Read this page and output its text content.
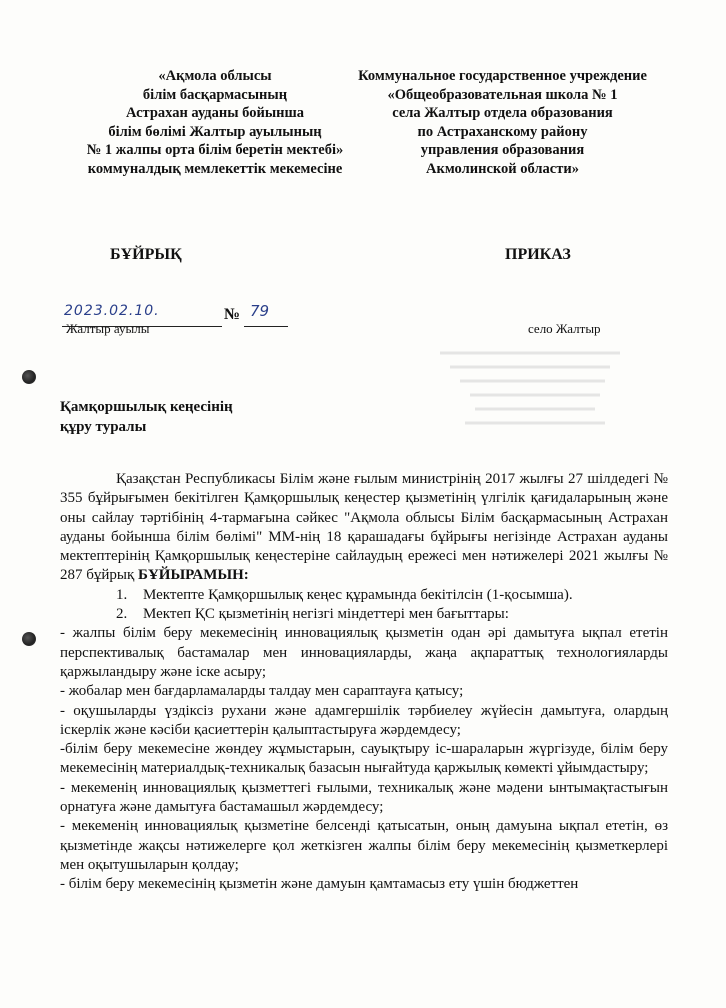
«Ақмола облысы
білім басқармасының
Астрахан ауданы бойынша
білім бөлімі Жалтыр ауылының
№ 1 жалпы орта білім беретін мектебі»
коммуналдық мемлекеттік мекемесіне
Коммунальное государственное учреждение
«Общеобразовательная школа № 1
села Жалтыр отдела образования
по Астраханскому району
управления образования
Акмолинской области»
БҰЙРЫҚ	ПРИКАЗ
2023.02.10.	№ 79
Жалтыр ауылы	село Жалтыр
Қамқоршылық кеңесінің
құру туралы

Қазақстан Республикасы Білім және ғылым министрінің 2017 жылғы 27 шілдедегі № 355 бұйрығымен бекітілген Қамқоршылық кеңестер қызметінің үлгілік қағидаларының және оны сайлау тәртібінің 4-тармағына сәйкес "Ақмола облысы Білім басқармасының Астрахан ауданы бойынша білім бөлімі" ММ-нің 18 қарашадағы бұйрығы негізінде Астрахан ауданы мектептерінің Қамқоршылық кеңестеріне сайлаудың ережесі мен нәтижелері 2021 жылғы № 287 бұйрық БҰЙЫРАМЫН:

1.	Мектепте Қамқоршылық кеңес құрамында бекітілсін (1-қосымша).
2.	Мектеп ҚС қызметінің негізгі міндеттері мен бағыттары:

- жалпы білім беру мекемесінің инновациялық қызметін одан әрі дамытуға ықпал ететін перспективалық бастамалар мен инновацияларды, жаңа ақпараттық технологияларды қаржыландыру және іске асыру;

- жобалар мен бағдарламаларды талдау мен сараптауға қатысу;

- оқушыларды үздіксіз рухани және адамгершілік тәрбиелеу жүйесін дамытуға, олардың іскерлік және кәсіби қасиеттерін қалыптастыруға жәрдемдесу;

-білім беру мекемесіне жөндеу жұмыстарын, сауықтыру іс-шараларын жүргізуде, білім беру мекемесінің материалдық-техникалық базасын нығайтуда қаржылық көмекті ұйымдастыру;

- мекеменің инновациялық қызметтегі ғылыми, техникалық және мәдени ынтымақтастығын орнатуға және дамытуға бастамашыл жәрдемдесу;

- мекеменің инновациялық қызметіне белсенді қатысатын, оның дамуына ықпал ететін, өз қызметінде жақсы нәтижелерге қол жеткізген жалпы білім беру мекемесінің қызметкерлері мен оқытушыларын қолдау;

- білім беру мекемесінің қызметін және дамуын қамтамасыз ету үшін бюджеттен
